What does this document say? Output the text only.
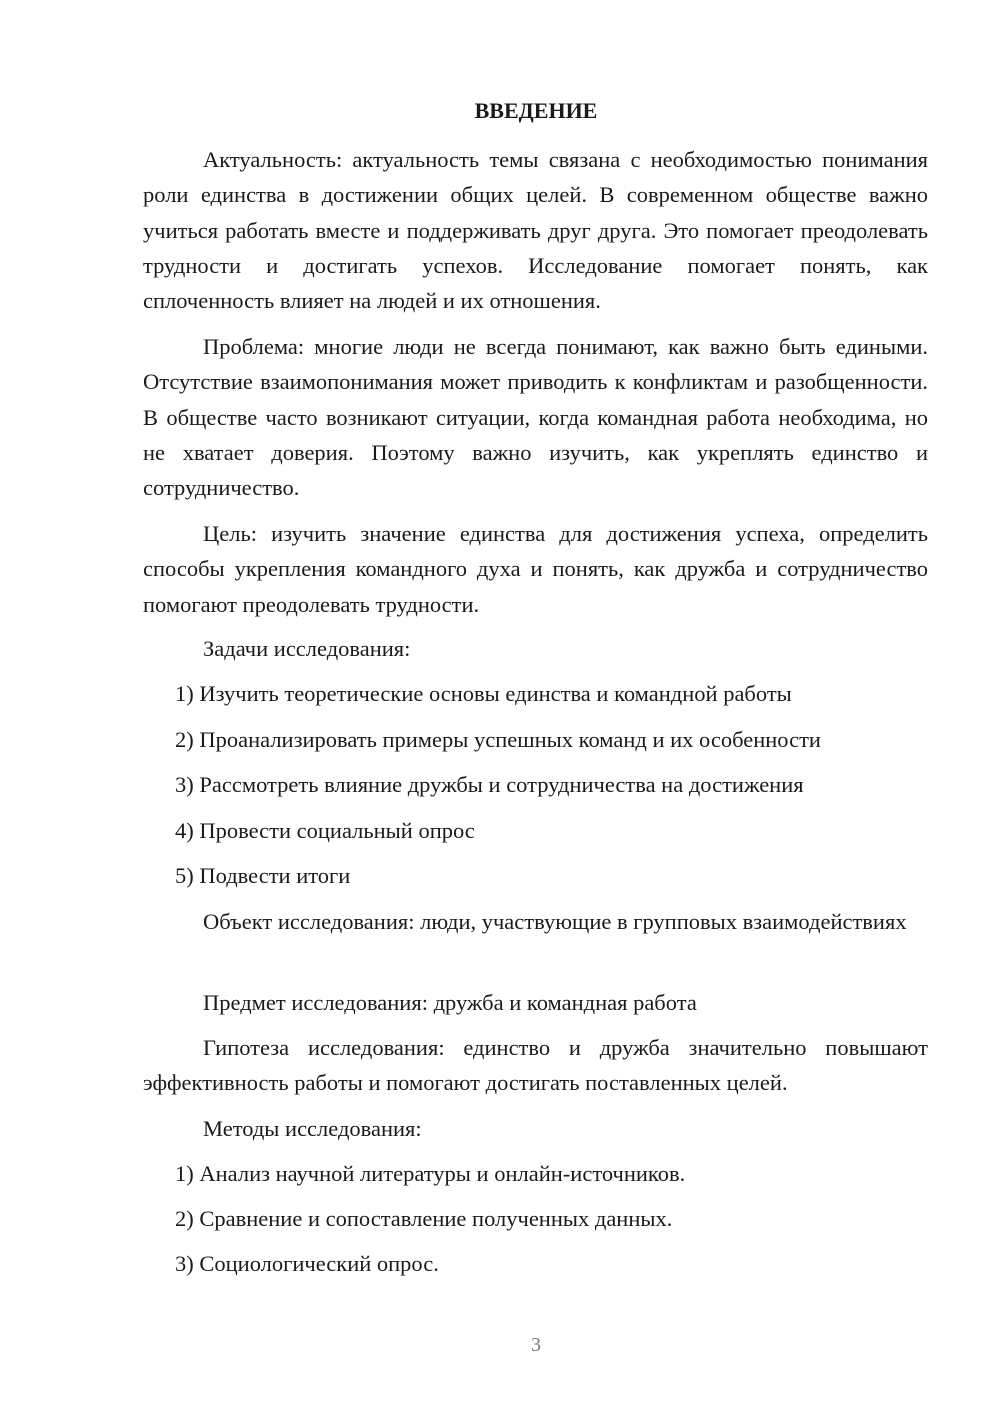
ВВЕДЕНИЕ

Актуальность: актуальность темы связана с необходимостью понимания роли единства в достижении общих целей. В современном обществе важно учиться работать вместе и поддерживать друг друга. Это помогает преодолевать трудности и достигать успехов. Исследование помогает понять, как сплоченность влияет на людей и их отношения.

Проблема: многие люди не всегда понимают, как важно быть едиными. Отсутствие взаимопонимания может приводить к конфликтам и разобщенности. В обществе часто возникают ситуации, когда командная работа необходима, но не хватает доверия. Поэтому важно изучить, как укреплять единство и сотрудничество.

Цель: изучить значение единства для достижения успеха, определить способы укрепления командного духа и понять, как дружба и сотрудничество помогают преодолевать трудности.

Задачи исследования:

1) Изучить теоретические основы единства и командной работы

2) Проанализировать примеры успешных команд и их особенности

3) Рассмотреть влияние дружбы и сотрудничества на достижения

4) Провести социальный опрос

5) Подвести итоги

Объект исследования: люди, участвующие в групповых взаимодействиях

Предмет исследования: дружба и командная работа

Гипотеза исследования: единство и дружба значительно повышают эффективность работы и помогают достигать поставленных целей.

Методы исследования:

1) Анализ научной литературы и онлайн-источников.

2) Сравнение и сопоставление полученных данных.

3) Социологический опрос.

3
